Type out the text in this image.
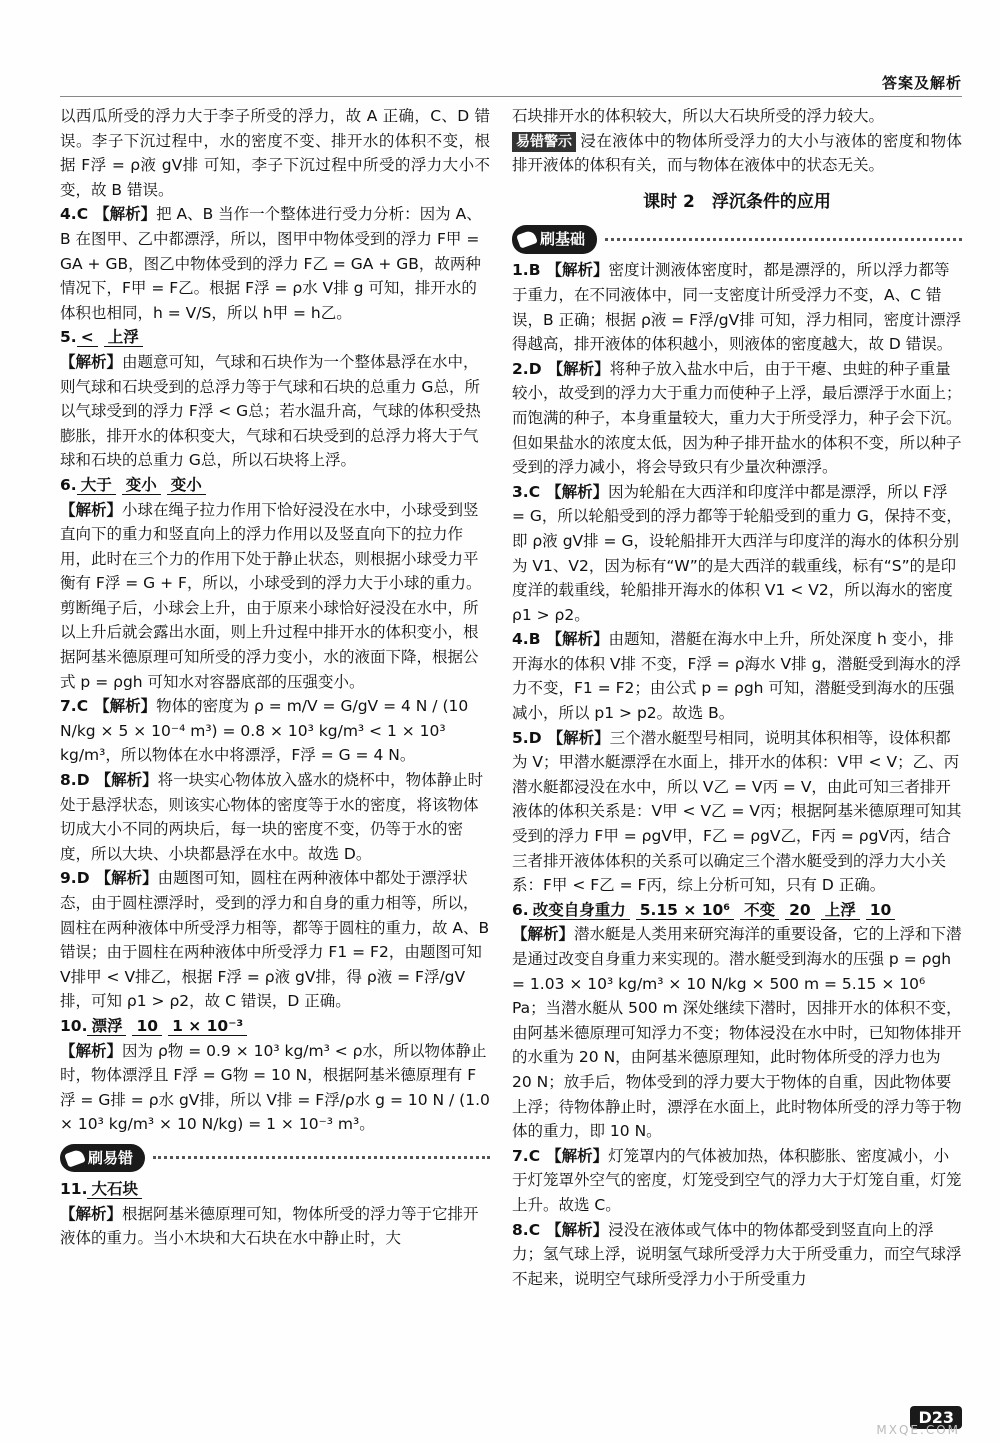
答案及解析

以西瓜所受的浮力大于李子所受的浮力，故 A 正确，C、D 错误。李子下沉过程中，水的密度不变、排开水的体积不变，根据 F浮 = ρ液 gV排 可知，李子下沉过程中所受的浮力大小不变，故 B 错误。

4.C 【解析】把 A、B 当作一个整体进行受力分析：因为 A、B 在图甲、乙中都漂浮，所以，图甲中物体受到的浮力 F甲 = GA + GB，图乙中物体受到的浮力 F乙 = GA + GB，故两种情况下，F甲 = F乙。根据 F浮 = ρ水 V排 g 可知，排开水的体积也相同，h = V/S，所以 h甲 = h乙。

5. < 上浮

【解析】由题意可知，气球和石块作为一个整体悬浮在水中，则气球和石块受到的总浮力等于气球和石块的总重力 G总，所以气球受到的浮力 F浮 < G总；若水温升高，气球的体积受热膨胀，排开水的体积变大，气球和石块受到的总浮力将大于气球和石块的总重力 G总，所以石块将上浮。

6. 大于 变小 变小

【解析】小球在绳子拉力作用下恰好浸没在水中，小球受到竖直向下的重力和竖直向上的浮力作用以及竖直向下的拉力作用，此时在三个力的作用下处于静止状态，则根据小球受力平衡有 F浮 = G + F，所以，小球受到的浮力大于小球的重力。剪断绳子后，小球会上升，由于原来小球恰好浸没在水中，所以上升后就会露出水面，则上升过程中排开水的体积变小，根据阿基米德原理可知所受的浮力变小，水的液面下降，根据公式 p = ρgh 可知水对容器底部的压强变小。
7.C 【解析】物体的密度为 ρ = m/V = G/gV = 4 N / (10 N/kg × 5 × 10⁻⁴ m³) = 0.8 × 10³ kg/m³ < 1 × 10³ kg/m³，所以物体在水中将漂浮，F浮 = G = 4 N。
8.D 【解析】将一块实心物体放入盛水的烧杯中，物体静止时处于悬浮状态，则该实心物体的密度等于水的密度，将该物体切成大小不同的两块后，每一块的密度不变，仍等于水的密度，所以大块、小块都悬浮在水中。故选 D。
9.D 【解析】由题图可知，圆柱在两种液体中都处于漂浮状态，由于圆柱漂浮时，受到的浮力和自身的重力相等，所以，圆柱在两种液体中所受浮力相等，都等于圆柱的重力，故 A、B 错误；由于圆柱在两种液体中所受浮力 F1 = F2，由题图可知 V排甲 < V排乙，根据 F浮 = ρ液 gV排，得 ρ液 = F浮/gV排，可知 ρ1 > ρ2，故 C 错误，D 正确。

10. 漂浮 10 1 × 10⁻³

【解析】因为 ρ物 = 0.9 × 10³ kg/m³ < ρ水，所以物体静止时，物体漂浮且 F浮 = G物 = 10 N，根据阿基米德原理有 F浮 = G排 = ρ水 gV排，所以 V排 = F浮/ρ水 g = 10 N / (1.0 × 10³ kg/m³ × 10 N/kg) = 1 × 10⁻³ m³。
刷易错

11. 大石块

【解析】根据阿基米德原理可知，物体所受的浮力等于它排开液体的重力。当小木块和大石块在水中静止时，大

石块排开水的体积较大，所以大石块所受的浮力较大。

易错警示 浸在液体中的物体所受浮力的大小与液体的密度和物体排开液体的体积有关，而与物体在液体中的状态无关。

课时 2　浮沉条件的应用
刷基础
1.B 【解析】密度计测液体密度时，都是漂浮的，所以浮力都等于重力，在不同液体中，同一支密度计所受浮力不变，A、C 错误，B 正确；根据 ρ液 = F浮/gV排 可知，浮力相同，密度计漂浮得越高，排开液体的体积越小，则液体的密度越大，故 D 错误。
2.D 【解析】将种子放入盐水中后，由于干瘪、虫蛀的种子重量较小，故受到的浮力大于重力而使种子上浮，最后漂浮于水面上；而饱满的种子，本身重量较大，重力大于所受浮力，种子会下沉。但如果盐水的浓度太低，因为种子排开盐水的体积不变，所以种子受到的浮力减小，将会导致只有少量次种漂浮。
3.C 【解析】因为轮船在大西洋和印度洋中都是漂浮，所以 F浮 = G，所以轮船受到的浮力都等于轮船受到的重力 G，保持不变，即 ρ液 gV排 = G，设轮船排开大西洋与印度洋的海水的体积分别为 V1、V2，因为标有“W”的是大西洋的载重线，标有“S”的是印度洋的载重线，轮船排开海水的体积 V1 < V2，所以海水的密度 ρ1 > ρ2。
4.B 【解析】由题知，潜艇在海水中上升，所处深度 h 变小，排开海水的体积 V排 不变，F浮 = ρ海水 V排 g，潜艇受到海水的浮力不变，F1 = F2；由公式 p = ρgh 可知，潜艇受到海水的压强减小，所以 p1 > p2。故选 B。
5.D 【解析】三个潜水艇型号相同，说明其体积相等，设体积都为 V；甲潜水艇漂浮在水面上，排开水的体积：V甲 < V；乙、丙潜水艇都浸没在水中，所以 V乙 = V丙 = V，由此可知三者排开液体的体积关系是：V甲 < V乙 = V丙；根据阿基米德原理可知其受到的浮力 F甲 = ρgV甲，F乙 = ρgV乙，F丙 = ρgV丙，结合三者排开液体体积的关系可以确定三个潜水艇受到的浮力大小关系：F甲 < F乙 = F丙，综上分析可知，只有 D 正确。

6. 改变自身重力 5.15 × 10⁶ 不变 20 上浮 10

【解析】潜水艇是人类用来研究海洋的重要设备，它的上浮和下潜是通过改变自身重力来实现的。潜水艇受到海水的压强 p = ρgh = 1.03 × 10³ kg/m³ × 10 N/kg × 500 m = 5.15 × 10⁶ Pa；当潜水艇从 500 m 深处继续下潜时，因排开水的体积不变，由阿基米德原理可知浮力不变；物体浸没在水中时，已知物体排开的水重为 20 N，由阿基米德原理知，此时物体所受的浮力也为 20 N；放手后，物体受到的浮力要大于物体的自重，因此物体要上浮；待物体静止时，漂浮在水面上，此时物体所受的浮力等于物体的重力，即 10 N。
7.C 【解析】灯笼罩内的气体被加热，体积膨胀、密度减小，小于灯笼罩外空气的密度，灯笼受到空气的浮力大于灯笼自重，灯笼上升。故选 C。
8.C 【解析】浸没在液体或气体中的物体都受到竖直向上的浮力；氢气球上浮，说明氢气球所受浮力大于所受重力，而空气球浮不起来，说明空气球所受浮力小于所受重力
D23
MXQE.COM
